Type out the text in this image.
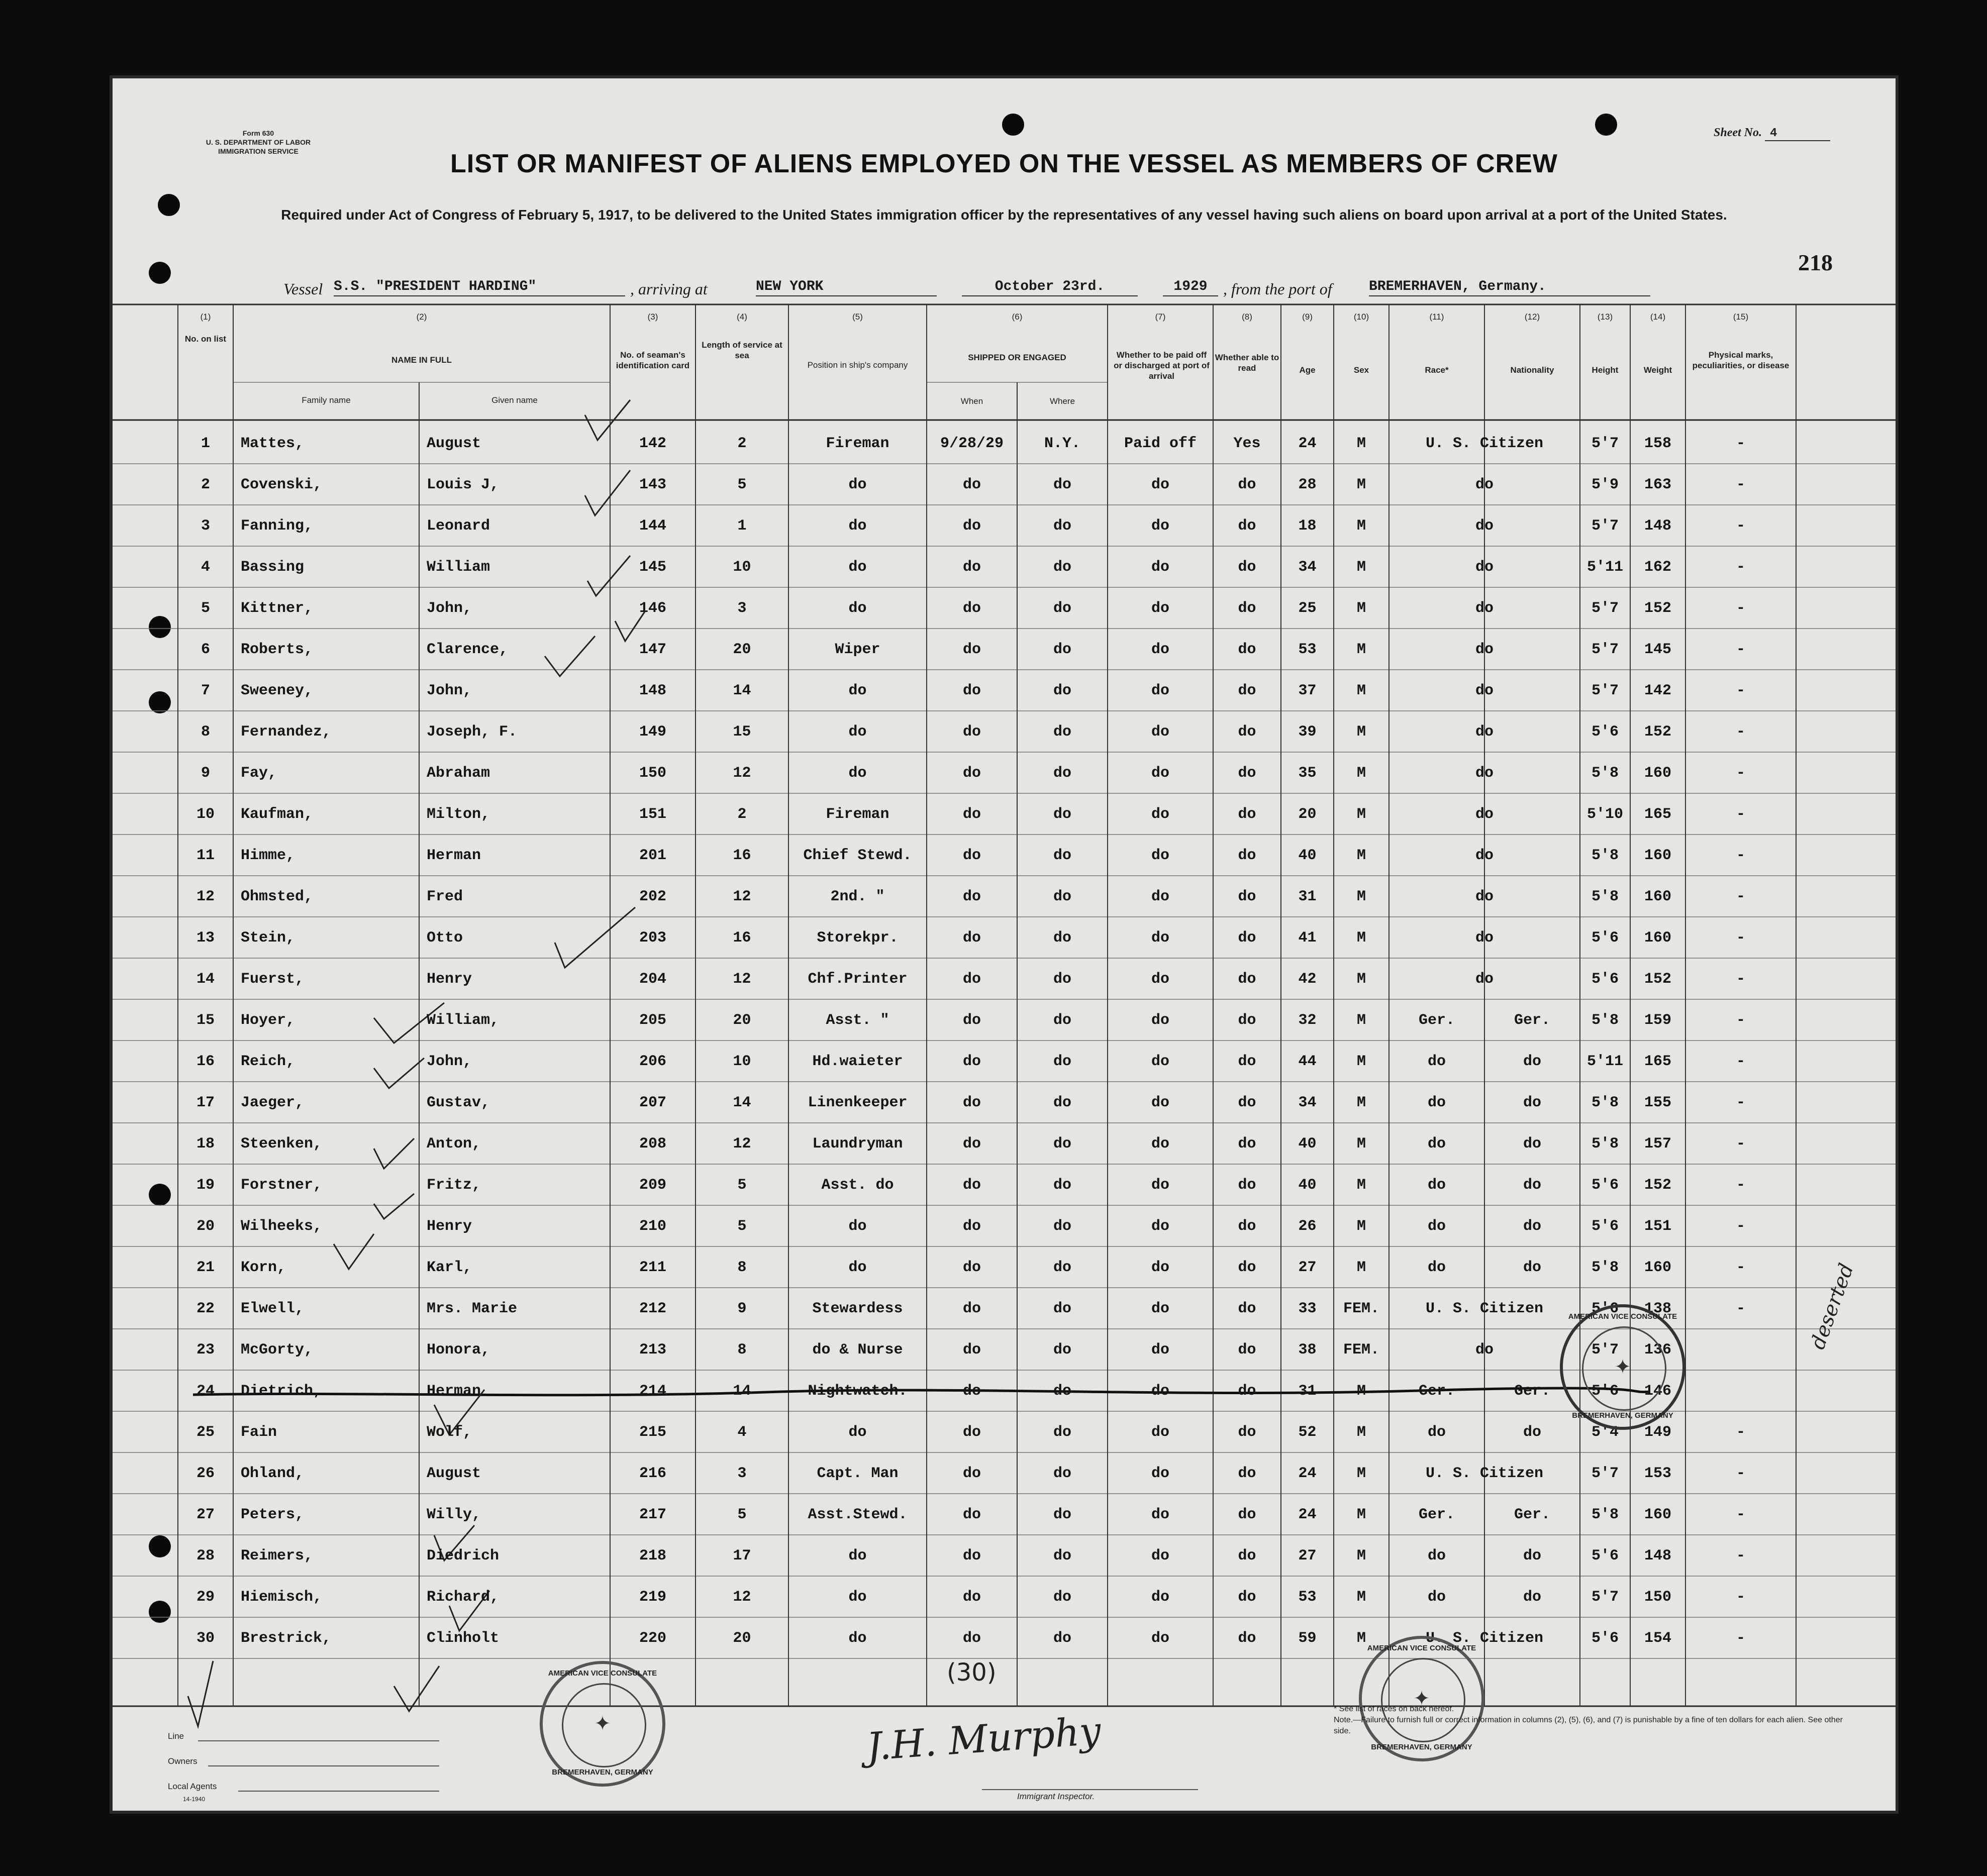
Form 630
U. S. DEPARTMENT OF LABOR
IMMIGRATION SERVICE
Sheet No. 4
LIST OR MANIFEST OF ALIENS EMPLOYED ON THE VESSEL AS MEMBERS OF CREW
Required under Act of Congress of February 5, 1917, to be delivered to the United States immigration officer by the representatives of any vessel having such aliens on board upon arrival at a port of the United States.
218
Vessel S.S. "PRESIDENT HARDING"	, arriving at	NEW YORK	October 23rd.	1929 , from the port of	BREMERHAVEN, Germany.
No. on list
NAME IN FULL
Family name	Given name
No. of seaman's identification card
Length of service at sea
Position in ship's company
SHIPPED OR ENGAGED
When	Where
Whether to be paid off or discharged at port of arrival
Whether able to read	Age	Sex	Race*	Nationality	Height	Weight
Physical marks, peculiarities, or disease
(1)	(2)	(3)	(4)	(5)	(6)	(7)	(8)	(9)	(10)	(11)	(12)	(13)	(14)	(15)
1	Mattes,	August	142	2	Fireman	9/28/29	N.Y.	Paid off	Yes	24	M	U. S. Citizen	5'7	158	-
2	Covenski,	Louis J,	143	5	do	do	do	do	do	28	M	do	5'9	163	-
3	Fanning,	Leonard	144	1	do	do	do	do	do	18	M	do	5'7	148	-
4	Bassing	William	145	10	do	do	do	do	do	34	M	do	5'11	162	-
5	Kittner,	John,	146	3	do	do	do	do	do	25	M	do	5'7	152	-
6	Roberts,	Clarence,	147	20	Wiper	do	do	do	do	53	M	do	5'7	145	-
7	Sweeney,	John,	148	14	do	do	do	do	do	37	M	do	5'7	142	-
8	Fernandez,	Joseph, F.	149	15	do	do	do	do	do	39	M	do	5'6	152	-
9	Fay,	Abraham	150	12	do	do	do	do	do	35	M	do	5'8	160	-
10	Kaufman,	Milton,	151	2	Fireman	do	do	do	do	20	M	do	5'10	165	-
11	Himme,	Herman	201	16	Chief Stewd.	do	do	do	do	40	M	do	5'8	160	-
12	Ohmsted,	Fred	202	12	2nd. "	do	do	do	do	31	M	do	5'8	160	-
13	Stein,	Otto	203	16	Storekpr.	do	do	do	do	41	M	do	5'6	160	-
14	Fuerst,	Henry	204	12	Chf.Printer	do	do	do	do	42	M	do	5'6	152	-
15	Hoyer,	William,	205	20	Asst. "	do	do	do	do	32	M	Ger.	Ger.	5'8	159	-
16	Reich,	John,	206	10	Hd.waieter	do	do	do	do	44	M	do	do	5'11	165	-
17	Jaeger,	Gustav,	207	14	Linenkeeper	do	do	do	do	34	M	do	do	5'8	155	-
18	Steenken,	Anton,	208	12	Laundryman	do	do	do	do	40	M	do	do	5'8	157	-
19	Forstner,	Fritz,	209	5	Asst. do	do	do	do	do	40	M	do	do	5'6	152	-
20	Wilheeks,	Henry	210	5	do	do	do	do	do	26	M	do	do	5'6	151	-
21	Korn,	Karl,	211	8	do	do	do	do	do	27	M	do	do	5'8	160	-
22	Elwell,	Mrs. Marie	212	9	Stewardess	do	do	do	do	33	FEM.	U. S. Citizen	5'6	138	-
23	McGorty,	Honora,	213	8	do & Nurse	do	do	do	do	38	FEM.	do	5'7	136
24	Dietrich,	Herman	214	14	Nightwatch.	do	do	do	do	31	M	Ger.	Ger.	5'6	146
25	Fain	Wolf,	215	4	do	do	do	do	do	52	M	do	do	5'4	149	-
26	Ohland,	August	216	3	Capt. Man	do	do	do	do	24	M	U. S. Citizen	5'7	153	-
27	Peters,	Willy,	217	5	Asst.Stewd.	do	do	do	do	24	M	Ger.	Ger.	5'8	160	-
28	Reimers,	Diedrich	218	17	do	do	do	do	do	27	M	do	do	5'6	148	-
29	Hiemisch,	Richard,	219	12	do	do	do	do	do	53	M	do	do	5'7	150	-
30	Brestrick,	Clinholt	220	20	do	do	do	do	do	59	M	U. S. Citizen	5'6	154	-
deserted
(30)
J.H. Murphy
Immigrant Inspector.
AMERICAN VICE CONSULATE
✦
BREMERHAVEN, GERMANY
AMERICAN VICE CONSULATE
✦
BREMERHAVEN, GERMANY
AMERICAN VICE CONSULATE
✦
BREMERHAVEN, GERMANY
Line
Owners
Local Agents
14-1940
* See list of races on back hereof.
Note.—Failure to furnish full or correct information in columns (2), (5), (6), and (7) is punishable by a fine of ten dollars for each alien. See other side.
